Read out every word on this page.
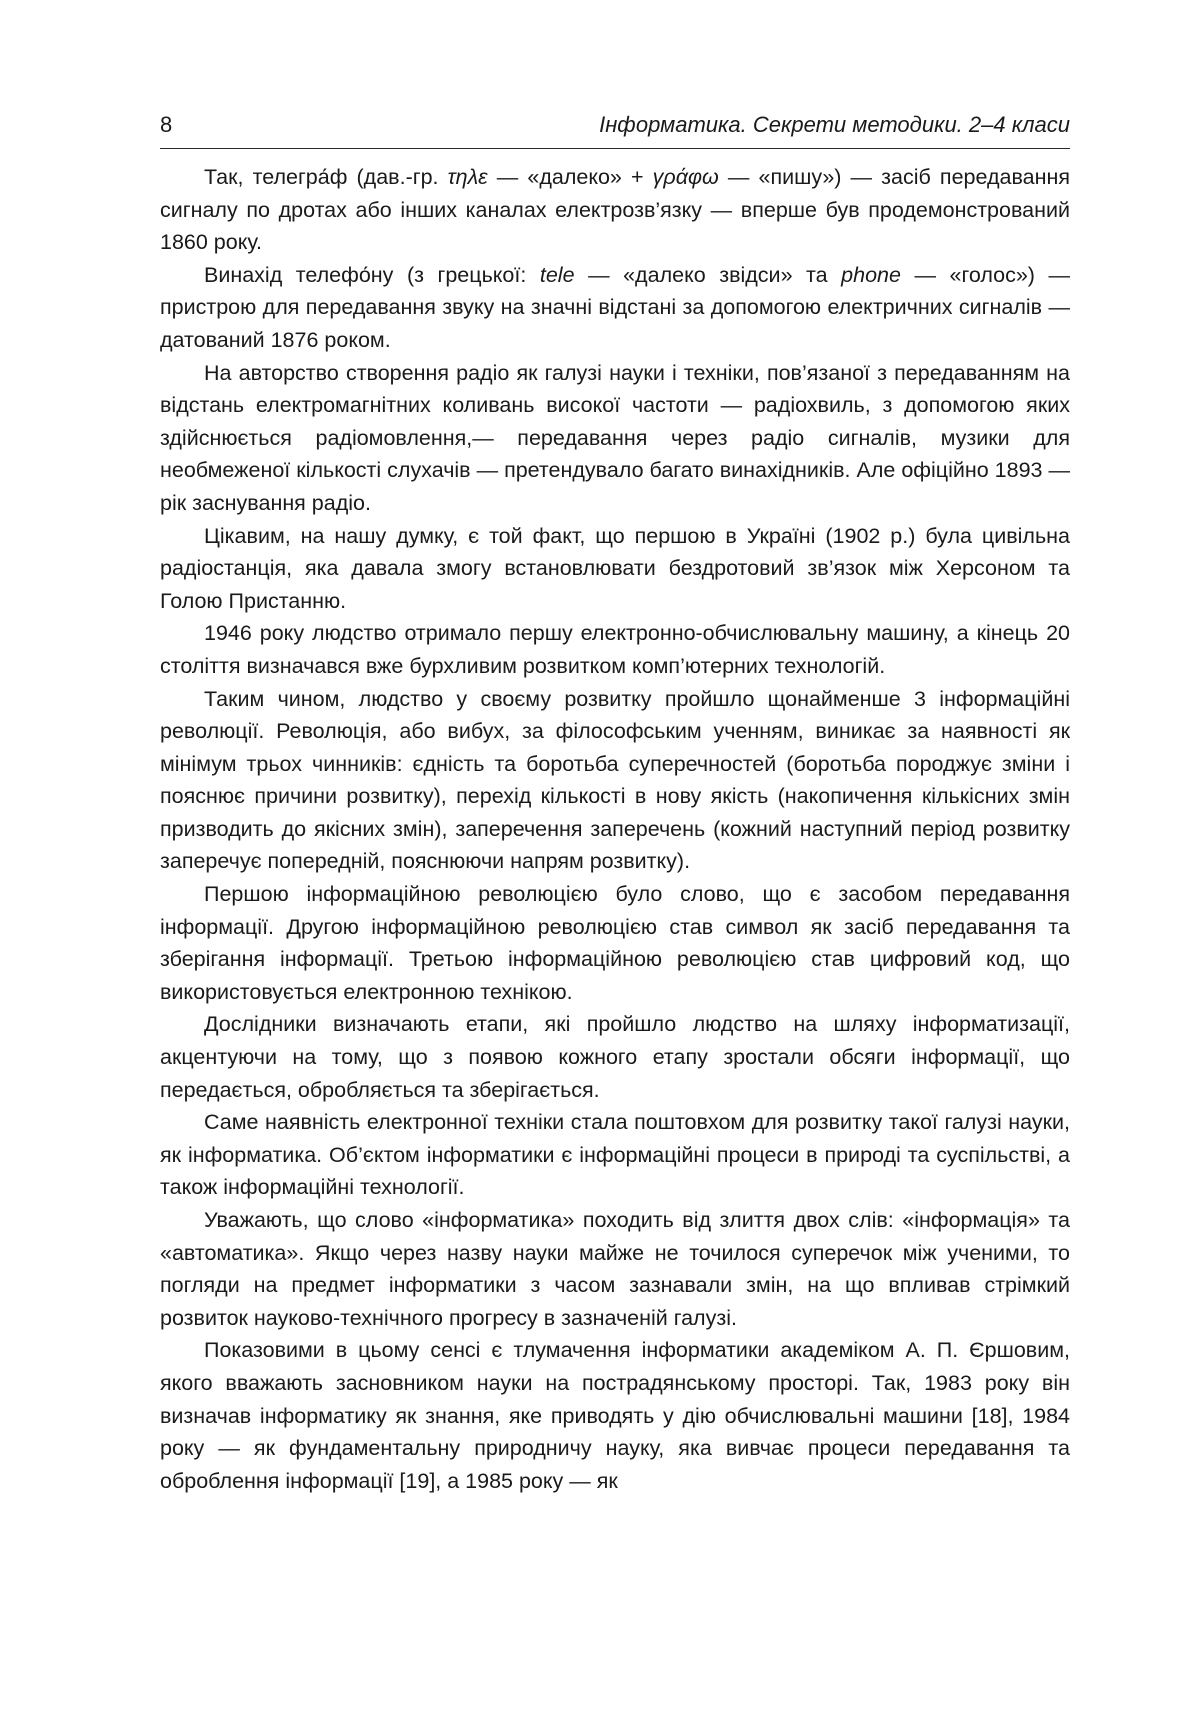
8	Інформатика. Секрети методики. 2–4 класи

Так, телегра́ф (дав.-гр. τηλε — «далеко» + γράφω — «пишу») — засіб передавання сигналу по дротах або інших каналах електрозв’язку — вперше був продемонстрований 1860 року.

Винахід телефо́ну (з грецької: tele — «далеко звідси» та phone — «голос») — пристрою для передавання звуку на значні відстані за допомогою електричних сигналів — датований 1876 роком.

На авторство створення радіо як галузі науки і техніки, пов’язаної з передаванням на відстань електромагнітних коливань високої частоти — радіохвиль, з допомогою яких здійснюється радіомовлення,— передавання через радіо сигналів, музики для необмеженої кількості слухачів — претендувало багато винахідників. Але офіційно 1893 — рік заснування радіо.

Цікавим, на нашу думку, є той факт, що першою в Україні (1902 р.) була цивільна радіостанція, яка давала змогу встановлювати бездротовий зв’язок між Херсоном та Голою Пристанню.

1946 року людство отримало першу електронно-обчислювальну машину, а кінець 20 століття визначався вже бурхливим розвитком комп’ютерних технологій.

Таким чином, людство у своєму розвитку пройшло щонайменше 3 інформаційні революції. Революція, або вибух, за філософським ученням, виникає за наявності як мінімум трьох чинників: єдність та боротьба суперечностей (боротьба породжує зміни і пояснює причини розвитку), перехід кількості в нову якість (накопичення кількісних змін призводить до якісних змін), заперечення заперечень (кожний наступний період розвитку заперечує попередній, пояснюючи напрям розвитку).

Першою інформаційною революцією було слово, що є засобом передавання інформації. Другою інформаційною революцією став символ як засіб передавання та зберігання інформації. Третьою інформаційною революцією став цифровий код, що використовується електронною технікою.

Дослідники визначають етапи, які пройшло людство на шляху інформатизації, акцентуючи на тому, що з появою кожного етапу зростали обсяги інформації, що передається, обробляється та зберігається.

Саме наявність електронної техніки стала поштовхом для розвитку такої галузі науки, як інформатика. Об’єктом інформатики є інформаційні процеси в природі та суспільстві, а також інформаційні технології.

Уважають, що слово «інформатика» походить від злиття двох слів: «інформація» та «автоматика». Якщо через назву науки майже не точилося суперечок між ученими, то погляди на предмет інформатики з часом зазнавали змін, на що впливав стрімкий розвиток науково-технічного прогресу в зазначеній галузі.

Показовими в цьому сенсі є тлумачення інформатики академіком А. П. Єршовим, якого вважають засновником науки на пострадянському просторі. Так, 1983 року він визначав інформатику як знання, яке приводять у дію обчислювальні машини [18], 1984 року — як фундаментальну природничу науку, яка вивчає процеси передавання та оброблення інформації [19], а 1985 року — як
